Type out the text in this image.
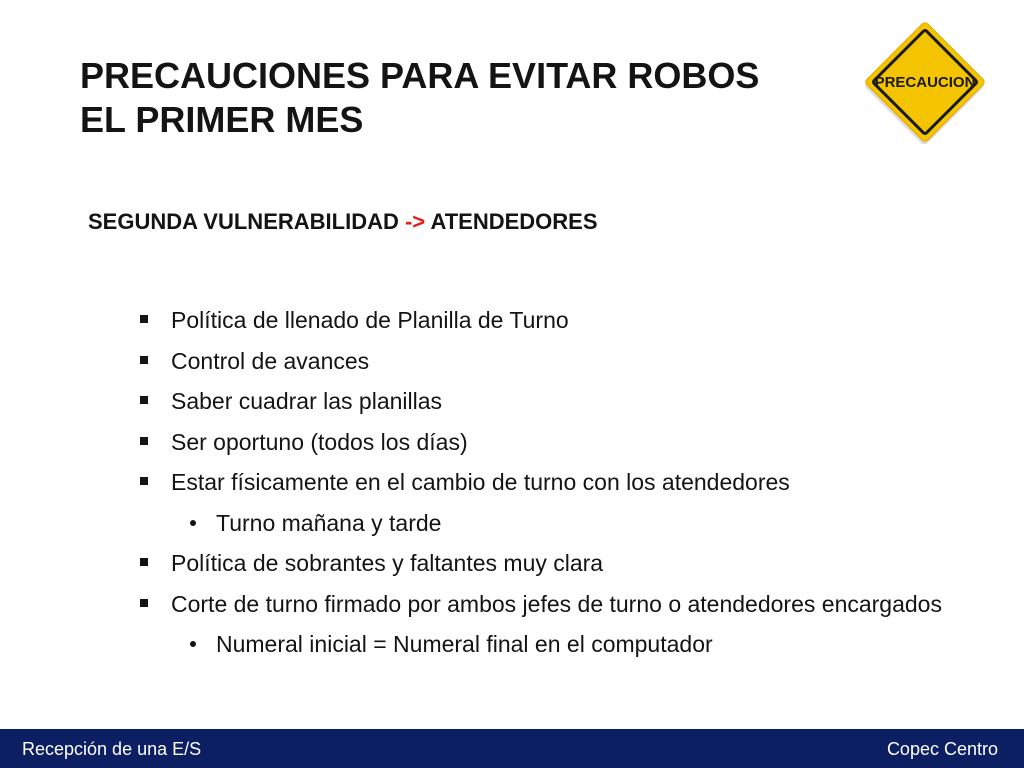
PRECAUCIONES PARA EVITAR ROBOS
EL PRIMER MES
PRECAUCION
SEGUNDA VULNERABILIDAD -> ATENDEDORES
Política de llenado de Planilla de Turno
Control de avances
Saber cuadrar las planillas
Ser oportuno (todos los días)
Estar físicamente en el cambio de turno con los atendedores
Turno mañana y tarde
Política de sobrantes y faltantes muy clara
Corte de turno firmado por ambos jefes de turno o atendedores encargados
Numeral inicial = Numeral final en el computador
Recepción de una E/S	Copec Centro
